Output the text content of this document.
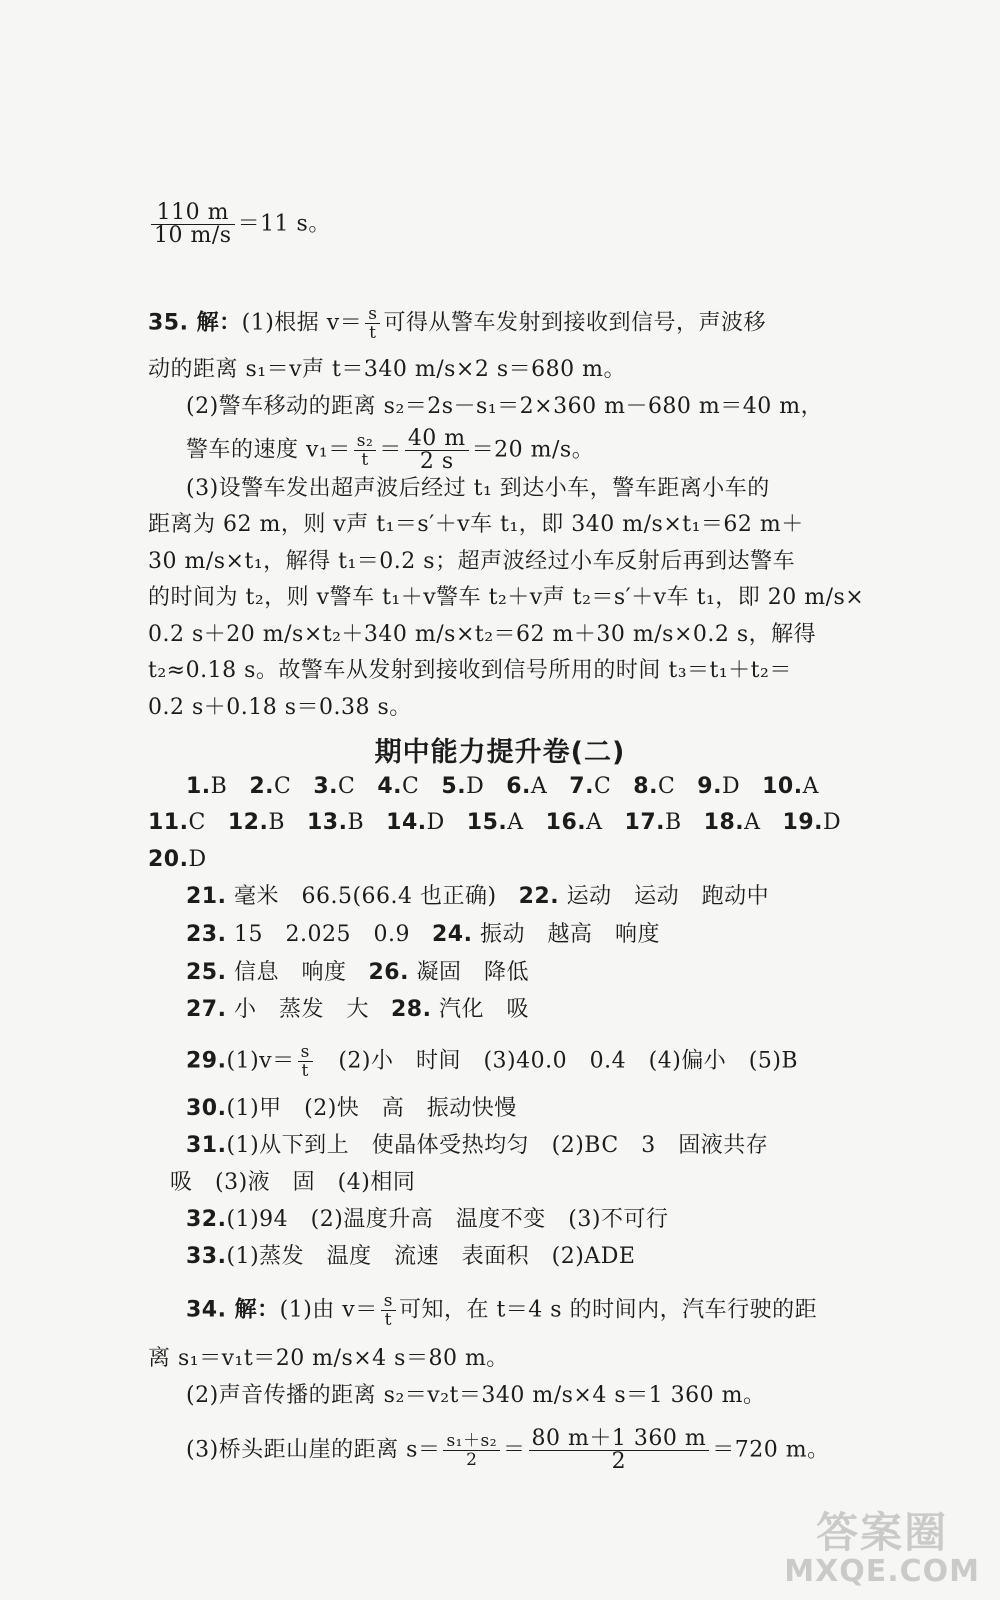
$\frac{110 m}{10 m/s} =11$ s。
35. 解：(1)根据 $v= \frac{s}{t}$ 可得从警车发射到接收到信号，声波移
动的距离 s₁＝v声 t＝340 m/s×2 s＝680 m。
(2)警车移动的距离 s₂＝2s－s₁＝2×360 m－680 m＝40 m，
警车的速度 $v_1= \frac{\text{s₂}}{t} = \frac{40 m}{2 s} =20$ m/s。
(3)设警车发出超声波后经过 t₁ 到达小车，警车距离小车的
距离为 62 m，则 v声 t₁＝s′＋v车 t₁，即 340 m/s×t₁＝62 m＋
30 m/s×t₁，解得 t₁＝0.2 s；超声波经过小车反射后再到达警车
的时间为 t₂，则 v警车 t₁＋v警车 t₂＋v声 t₂＝s′＋v车 t₁，即 20 m/s×
0.2 s＋20 m/s×t₂＋340 m/s×t₂＝62 m＋30 m/s×0.2 s，解得
t₂≈0.18 s。故警车从发射到接收到信号所用的时间 t₃＝t₁＋t₂＝
0.2 s＋0.18 s＝0.38 s。
期中能力提升卷(二)
1.B 2.C 3.C 4.C 5.D 6.A 7.C 8.C 9.D 10.A
11.C 12.B 13.B 14.D 15.A 16.A 17.B 18.A 19.D
20.D
21. 毫米　66.5(66.4 也正确) 22. 运动　运动　跑动中
23. 15　2.025　0.9 24. 振动　越高　响度
25. 信息　响度 26. 凝固　降低
27. 小　蒸发　大 28. 汽化　吸
$29.(1)v= \frac{s}{t}$ 　(2)小　时间　(3)40.0　0.4　(4)偏小　(5)B
30.(1)甲　(2)快　高　振动快慢
31.(1)从下到上　使晶体受热均匀　(2)BC　3　固液共存
吸　(3)液　固　(4)相同
32.(1)94　(2)温度升高　温度不变　(3)不可行
33.(1)蒸发　温度　流速　表面积　(2)ADE
34. 解：(1)由 $v= \frac{s}{t}$ 可知，在 t＝4 s 的时间内，汽车行驶的距
离 s₁＝v₁t＝20 m/s×4 s＝80 m。
(2)声音传播的距离 s₂＝v₂t＝340 m/s×4 s＝1 360 m。
(3)桥头距山崖的距离 $s= \frac{\text{s₁＋s₂}}{2} = \frac{80 m+1 360 m}{2} =720$ m。
答案圈
MXQE.COM
